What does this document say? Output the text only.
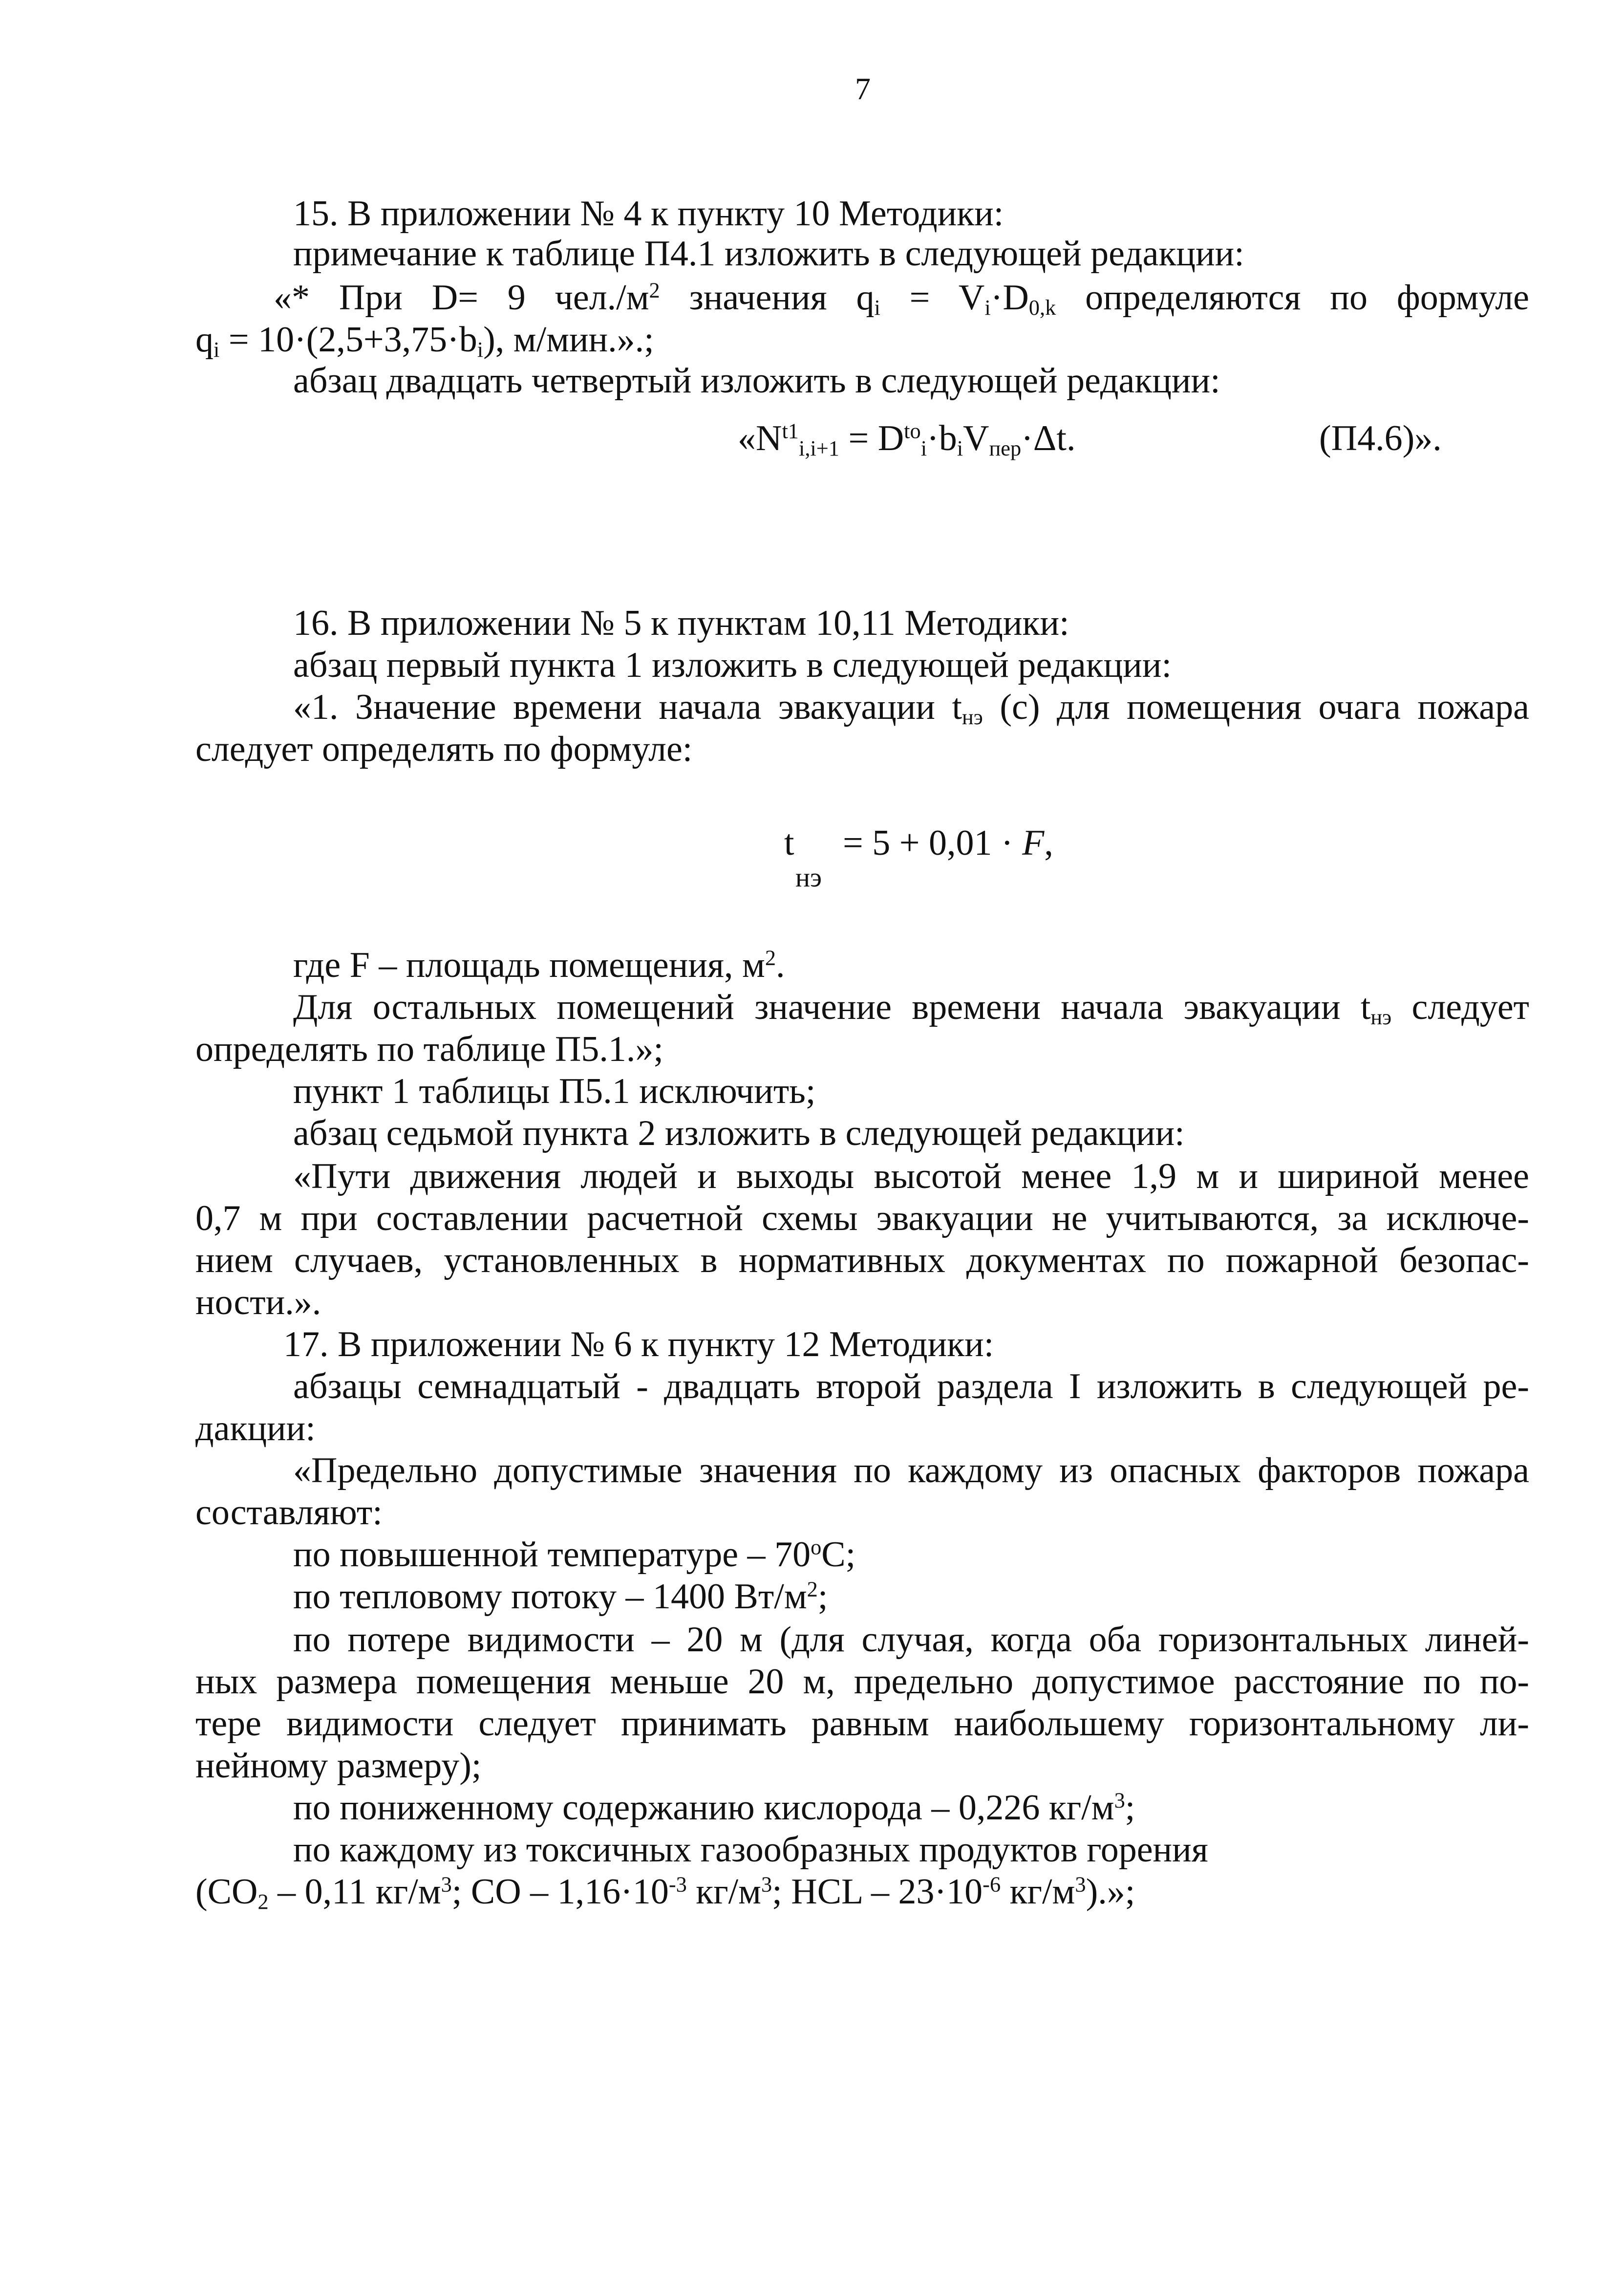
7
15. В приложении № 4 к пункту 10 Методики:
примечание к таблице П4.1 изложить в следующей редакции:
«* При D= 9 $чел./м^2$ значения $q_i = V_i\cdot D_{0,k}$ определяются по формуле
$q_i = 10\cdot(2,5+3,75\cdot b_i)$, м/мин.».;
абзац двадцать четвертый изложить в следующей редакции:
«$N^{t1}_{i,i+1} = D^{to}_i\cdot b_iV_{пер}\cdot\Delta t$.	(П4.6)».
16. В приложении № 5 к пунктам 10,11 Методики:
абзац первый пункта 1 изложить в следующей редакции:
«1. Значение времени начала эвакуации $t_{нэ}$ (с) для помещения очага пожара
следует определять по формуле:
t
нэ
= 5 + 0,01 · F,
где F – площадь помещения, $м^2$.
Для остальных помещений значение времени начала эвакуации $t_{нэ}$ следует
определять по таблице П5.1.»;
пункт 1 таблицы П5.1 исключить;
абзац седьмой пункта 2 изложить в следующей редакции:
«Пути движения людей и выходы высотой менее 1,9 м и шириной менее
0,7 м при составлении расчетной схемы эвакуации не учитываются, за исключе-
нием случаев, установленных в нормативных документах по пожарной безопас-
ности.».
17. В приложении № 6 к пункту 12 Методики:
абзацы семнадцатый - двадцать второй раздела I изложить в следующей ре-
дакции:
«Предельно допустимые значения по каждому из опасных факторов пожара
составляют:
по повышенной температуре – $70^оС$;
по тепловому потоку – 1400 $Вт/м^2$;
по потере видимости – 20 м (для случая, когда оба горизонтальных линей-
ных размера помещения меньше 20 м, предельно допустимое расстояние по по-
тере видимости следует принимать равным наибольшему горизонтальному ли-
нейному размеру);
по пониженному содержанию кислорода – 0,226 $кг/м^3$;
по каждому из токсичных газообразных продуктов горения
($CO_2 - 0,11$ $кг/м^3$; CO – $1,16\cdot 10^{-3}$ $кг/м^3$; HCL – $23\cdot 10^{-6}$ $кг/м^3$).»;
